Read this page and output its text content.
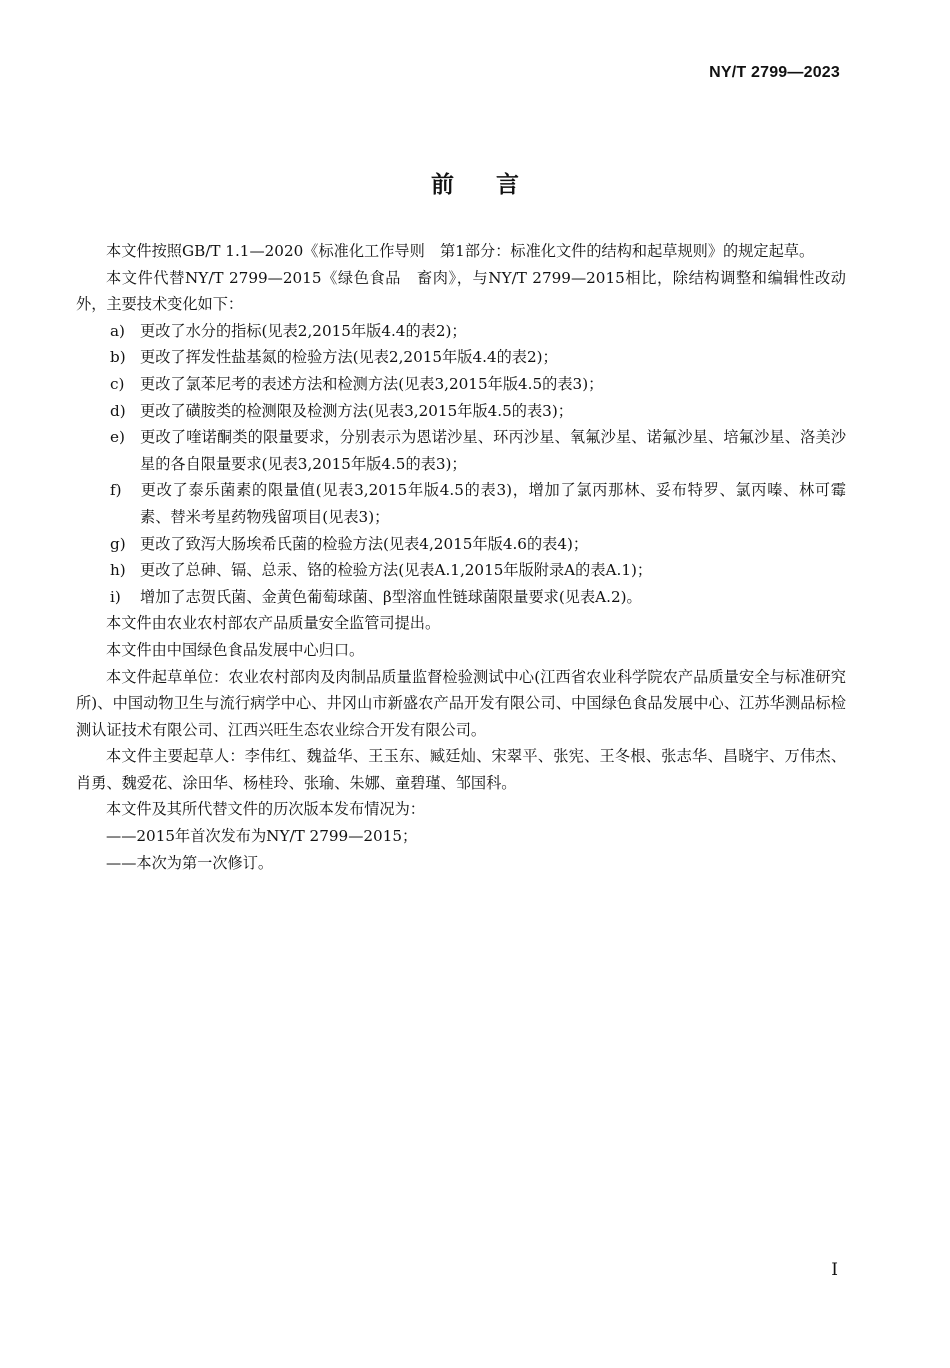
NY/T 2799—2023
前言

本文件按照GB/T 1.1—2020《标准化工作导则　第1部分：标准化文件的结构和起草规则》的规定起草。

本文件代替NY/T 2799—2015《绿色食品　畜肉》，与NY/T 2799—2015相比，除结构调整和编辑性改动外，主要技术变化如下：

a) 更改了水分的指标(见表2,2015年版4.4的表2)；

b) 更改了挥发性盐基氮的检验方法(见表2,2015年版4.4的表2)；

c) 更改了氯苯尼考的表述方法和检测方法(见表3,2015年版4.5的表3)；

d) 更改了磺胺类的检测限及检测方法(见表3,2015年版4.5的表3)；

e) 更改了喹诺酮类的限量要求，分别表示为恩诺沙星、环丙沙星、氧氟沙星、诺氟沙星、培氟沙星、洛美沙星的各自限量要求(见表3,2015年版4.5的表3)；

f) 更改了泰乐菌素的限量值(见表3,2015年版4.5的表3)，增加了氯丙那林、妥布特罗、氯丙嗪、林可霉素、替米考星药物残留项目(见表3)；

g) 更改了致泻大肠埃希氏菌的检验方法(见表4,2015年版4.6的表4)；

h) 更改了总砷、镉、总汞、铬的检验方法(见表A.1,2015年版附录A的表A.1)；

i) 增加了志贺氏菌、金黄色葡萄球菌、β型溶血性链球菌限量要求(见表A.2)。

本文件由农业农村部农产品质量安全监管司提出。

本文件由中国绿色食品发展中心归口。

本文件起草单位：农业农村部肉及肉制品质量监督检验测试中心(江西省农业科学院农产品质量安全与标准研究所)、中国动物卫生与流行病学中心、井冈山市新盛农产品开发有限公司、中国绿色食品发展中心、江苏华测品标检测认证技术有限公司、江西兴旺生态农业综合开发有限公司。

本文件主要起草人：李伟红、魏益华、王玉东、臧廷灿、宋翠平、张宪、王冬根、张志华、昌晓宇、万伟杰、肖勇、魏爱花、涂田华、杨桂玲、张瑜、朱娜、童碧瑾、邹国科。

本文件及其所代替文件的历次版本发布情况为：

——2015年首次发布为NY/T 2799—2015；

——本次为第一次修订。

I
